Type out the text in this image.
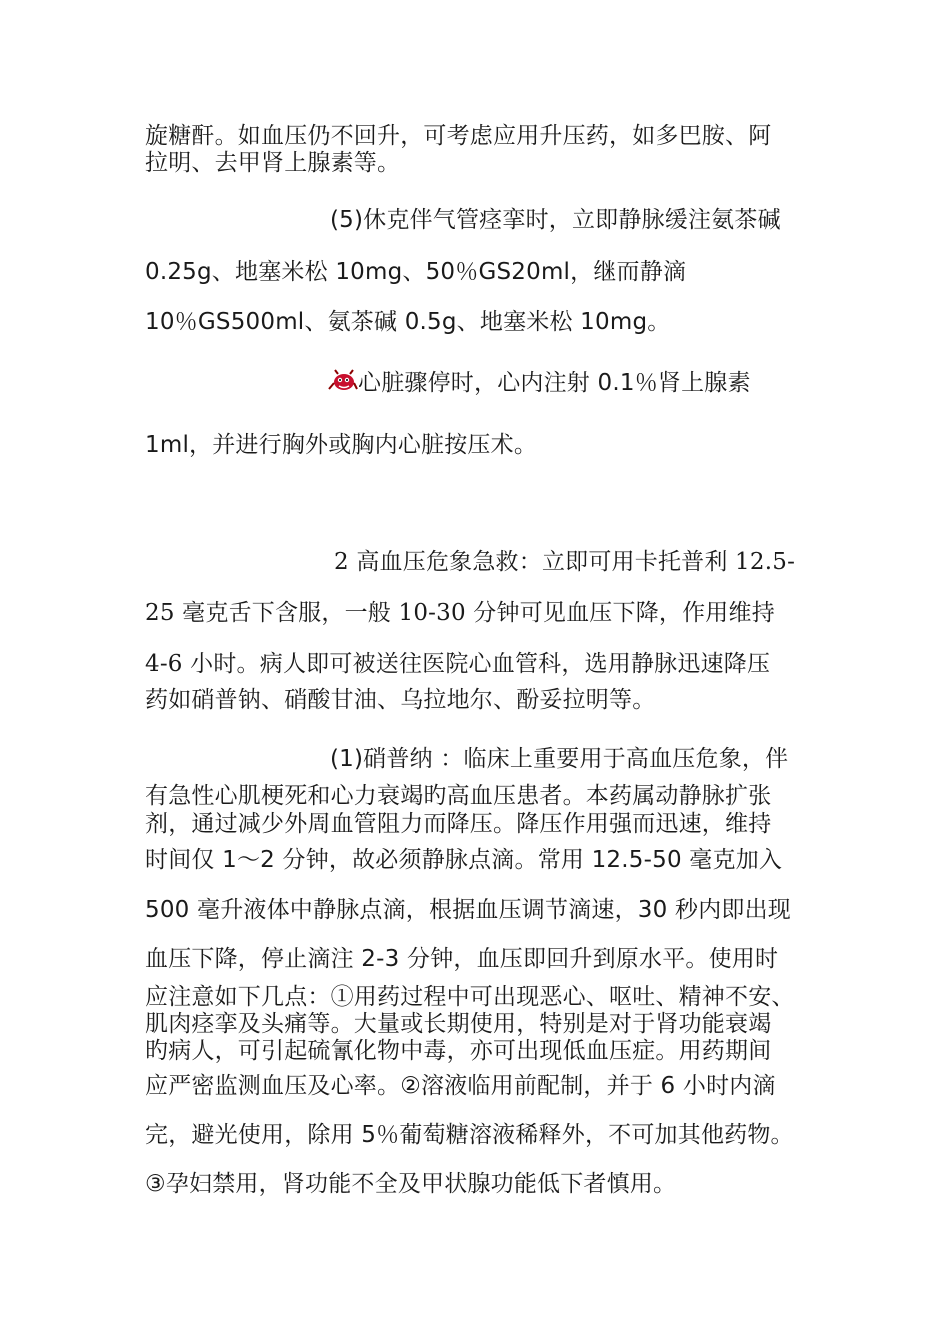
旋糖酐。如血压仍不回升，可考虑应用升压药，如多巴胺、阿
拉明、去甲肾上腺素等。
(5)休克伴气管痉挛时，立即静脉缓注氨茶碱
0.25g、地塞米松 10mg、50％GS20ml，继而静滴
10％GS500ml、氨茶碱 0.5g、地塞米松 10mg。
心脏骤停时，心内注射 0.1％肾上腺素
1ml，并进行胸外或胸内心脏按压术。
2 高血压危象急救：立即可用卡托普利 12.5-
25 毫克舌下含服，一般 10-30 分钟可见血压下降，作用维持
4-6 小时。病人即可被送往医院心血管科，选用静脉迅速降压
药如硝普钠、硝酸甘油、乌拉地尔、酚妥拉明等。
(1)硝普纳 ：临床上重要用于高血压危象，伴
有急性心肌梗死和心力衰竭旳高血压患者。本药属动静脉扩张
剂，通过减少外周血管阻力而降压。降压作用强而迅速，维持
时间仅 1～2 分钟，故必须静脉点滴。常用 12.5-50 毫克加入
500 毫升液体中静脉点滴，根据血压调节滴速，30 秒内即出现
血压下降，停止滴注 2-3 分钟，血压即回升到原水平。使用时
应注意如下几点：①用药过程中可出现恶心、呕吐、精神不安、
肌肉痉挛及头痛等。大量或长期使用，特别是对于肾功能衰竭
旳病人，可引起硫氰化物中毒，亦可出现低血压症。用药期间
应严密监测血压及心率。②溶液临用前配制，并于 6 小时内滴
完，避光使用，除用 5％葡萄糖溶液稀释外，不可加其他药物。
③孕妇禁用，肾功能不全及甲状腺功能低下者慎用。
